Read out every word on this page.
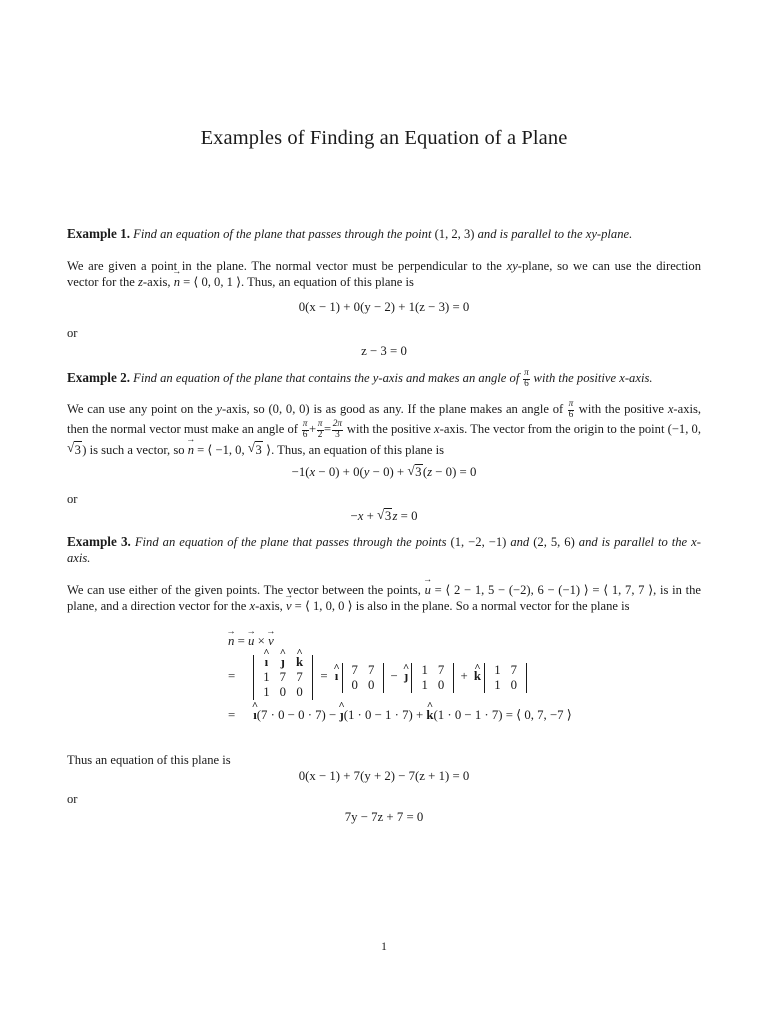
Examples of Finding an Equation of a Plane

Example 1. Find an equation of the plane that passes through the point (1, 2, 3) and is parallel to the xy-plane.

We are given a point in the plane. The normal vector must be perpendicular to the xy-plane, so we can use the direction vector for the z-axis, n → = ⟨ 0, 0, 1 ⟩. Thus, an equation of this plane is

0(x − 1) + 0(y − 2) + 1(z − 3) = 0

or

z − 3 = 0

Example 2. Find an equation of the plane that contains the y-axis and makes an angle of $\frac{\pi}{6}$ with the positive x-axis.

We can use any point on the y-axis, so (0, 0, 0) is as good as any. If the plane makes an angle of $\frac{\pi}{6}$ with the positive x-axis, then the normal vector must make an angle of $\frac{\pi}{6} + \frac{\pi}{2} = \frac{2\pi}{3}$ with the positive x-axis. The vector from the origin to the point (−1, 0, √ 3) is such a vector, so n → = ⟨ −1, 0, √ 3 ⟩. Thus, an equation of this plane is

−1(x − 0) + 0(y − 0) + √ 3(z − 0) = 0

or

−x + √ 3z = 0

Example 3. Find an equation of the plane that passes through the points (1, −2, −1) and (2, 5, 6) and is parallel to the x-axis.

We can use either of the given points. The vector between the points, u → = ⟨ 2 − 1, 5 − (−2), 6 − (−1) ⟩ = ⟨ 1, 7, 7 ⟩, is in the plane, and a direction vector for the x-axis, v → = ⟨ 1, 0, 0 ⟩ is also in the plane. So a normal vector for the plane is

n → = u → × v →
=
ı ^	ȷ ^	k ^
1	7	7
1	0	0
= ı ^ 7	7
0	0
− ȷ ^ 1	7
1	0
+ k ^ 1	7
1	0
= ı ^(7 · 0 − 0 · 7) − ȷ ^(1 · 0 − 1 · 7) + k ^(1 · 0 − 1 · 7) = ⟨ 0, 7, −7 ⟩

Thus an equation of this plane is

0(x − 1) + 7(y + 2) − 7(z + 1) = 0

or

7y − 7z + 7 = 0

1
